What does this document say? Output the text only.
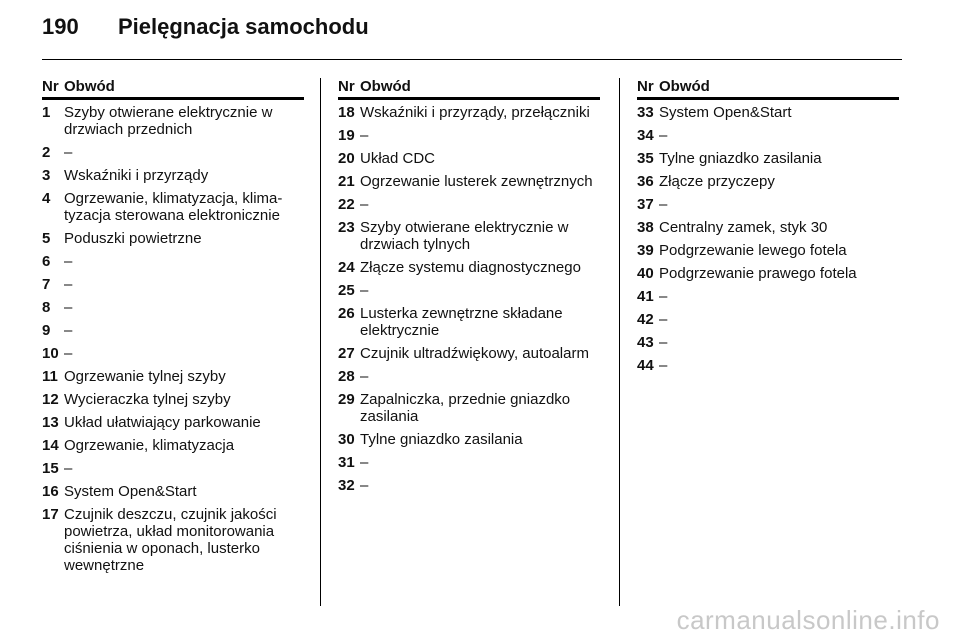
190	Pielęgnacja samochodu
Nr Obwód
1 Szyby otwierane elektrycznie w drzwiach przednich
2 –
3 Wskaźniki i przyrządy
4 Ogrzewanie, klimatyzacja, klimatyzacja sterowana elektronicznie
5 Poduszki powietrzne
6 –
7 –
8 –
9 –
10 –
11 Ogrzewanie tylnej szyby
12 Wycieraczka tylnej szyby
13 Układ ułatwiający parkowanie
14 Ogrzewanie, klimatyzacja
15 –
16 System Open&Start
17 Czujnik deszczu, czujnik jakości powietrza, układ monitorowania ciśnienia w oponach, lusterko wewnętrzne
Nr Obwód
18 Wskaźniki i przyrządy, przełączniki
19 –
20 Układ CDC
21 Ogrzewanie lusterek zewnętrznych
22 –
23 Szyby otwierane elektrycznie w drzwiach tylnych
24 Złącze systemu diagnostycznego
25 –
26 Lusterka zewnętrzne składane elektrycznie
27 Czujnik ultradźwiękowy, autoalarm
28 –
29 Zapalniczka, przednie gniazdko zasilania
30 Tylne gniazdko zasilania
31 –
32 –
Nr Obwód
33 System Open&Start
34 –
35 Tylne gniazdko zasilania
36 Złącze przyczepy
37 –
38 Centralny zamek, styk 30
39 Podgrzewanie lewego fotela
40 Podgrzewanie prawego fotela
41 –
42 –
43 –
44 –
carmanualsonline.info
